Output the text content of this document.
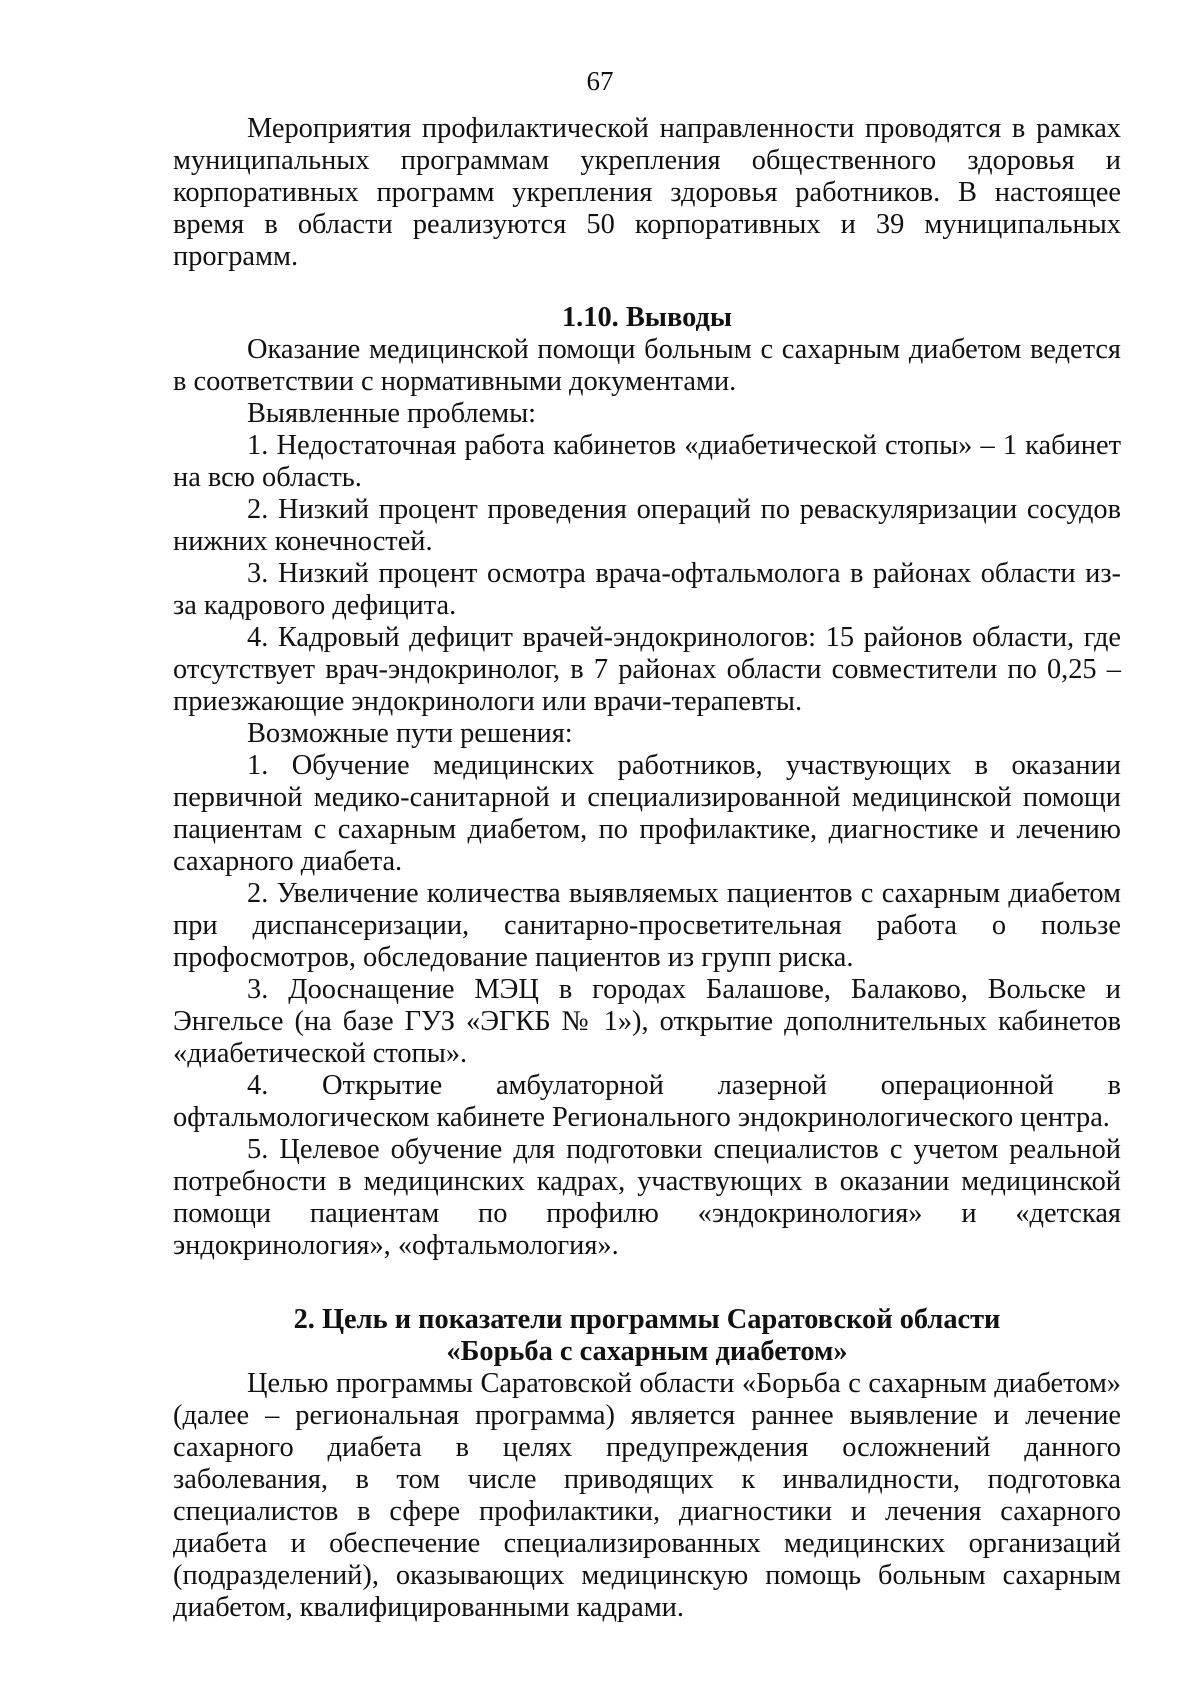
67

Мероприятия профилактической направленности проводятся в рамках муниципальных программам укрепления общественного здоровья и корпоративных программ укрепления здоровья работников. В настоящее время в области реализуются 50 корпоративных и 39 муниципальных программ.

1.10. Выводы

Оказание медицинской помощи больным с сахарным диабетом ведется в соответствии с нормативными документами.

Выявленные проблемы:

1. Недостаточная работа кабинетов «диабетической стопы» – 1 кабинет на всю область.

2. Низкий процент проведения операций по реваскуляризации сосудов нижних конечностей.

3. Низкий процент осмотра врача-офтальмолога в районах области из-за кадрового дефицита.

4. Кадровый дефицит врачей-эндокринологов: 15 районов области, где отсутствует врач-эндокринолог, в 7 районах области совместители по 0,25 – приезжающие эндокринологи или врачи-терапевты.

Возможные пути решения:

1. Обучение медицинских работников, участвующих в оказании первичной медико-санитарной и специализированной медицинской помощи пациентам с сахарным диабетом, по профилактике, диагностике и лечению сахарного диабета.

2. Увеличение количества выявляемых пациентов с сахарным диабетом при диспансеризации, санитарно-просветительная работа о пользе профосмотров, обследование пациентов из групп риска.

3. Дооснащение МЭЦ в городах Балашове, Балаково, Вольске и Энгельсе (на базе ГУЗ «ЭГКБ № 1»), открытие дополнительных кабинетов «диабетической стопы».

4. Открытие амбулаторной лазерной операционной в офтальмологическом кабинете Регионального эндокринологического центра.

5. Целевое обучение для подготовки специалистов с учетом реальной потребности в медицинских кадрах, участвующих в оказании медицинской помощи пациентам по профилю «эндокринология» и «детская эндокринология», «офтальмология».

2. Цель и показатели программы Саратовской области
«Борьба с сахарным диабетом»

Целью программы Саратовской области «Борьба с сахарным диабетом» (далее – региональная программа) является раннее выявление и лечение сахарного диабета в целях предупреждения осложнений данного заболевания, в том числе приводящих к инвалидности, подготовка специалистов в сфере профилактики, диагностики и лечения сахарного диабета и обеспечение специализированных медицинских организаций (подразделений), оказывающих медицинскую помощь больным сахарным диабетом, квалифицированными кадрами.
